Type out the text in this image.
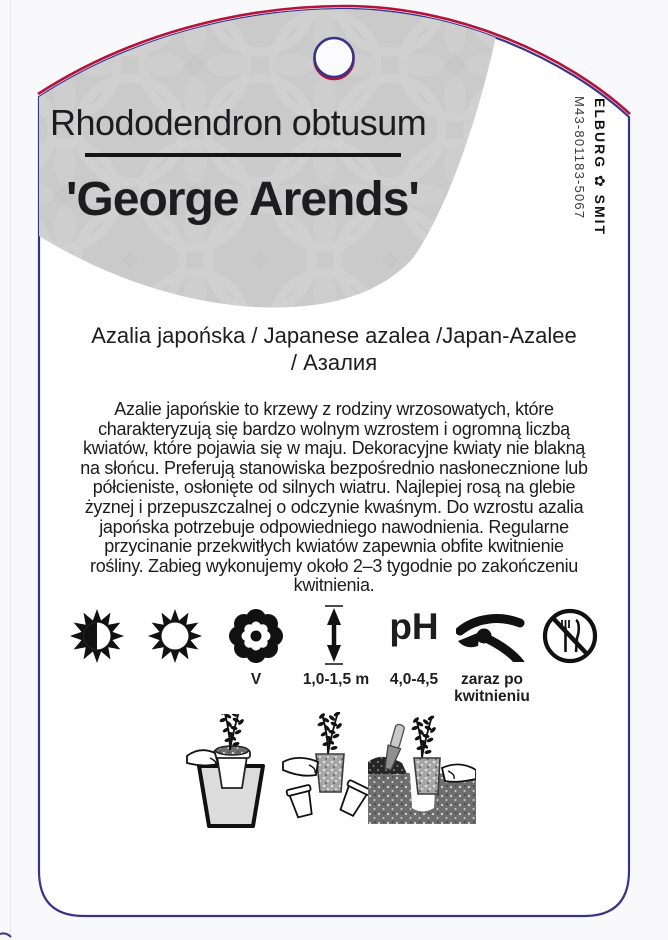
Rhododendron obtusum
'George Arends'	ELBURG ✿ SMIT
M43-801183-5067
Azalia japońska / Japanese azalea /Japan-Azalee
/ Азалия
Azalie japońskie to krzewy z rodziny wrzosowatych, które
charakteryzują się bardzo wolnym wzrostem i ogromną liczbą
kwiatów, które pojawia się w maju. Dekoracyjne kwiaty nie blakną
na słońcu. Preferują stanowiska bezpośrednio nasłonecznione lub
półcieniste, osłonięte od silnych wiatru. Najlepiej rosą na glebie
żyznej i przepuszczalnej o odczynie kwaśnym. Do wzrostu azalia
japońska potrzebuje odpowiedniego nawodnienia. Regularne
przycinanie przekwitłych kwiatów zapewnia obfite kwitnienie
rośliny. Zabieg wykonujemy około 2–3 tygodnie po zakończeniu
kwitnienia.
pH
V	1,0-1,5 m	4,0-4,5	zaraz po
kwitnieniu
